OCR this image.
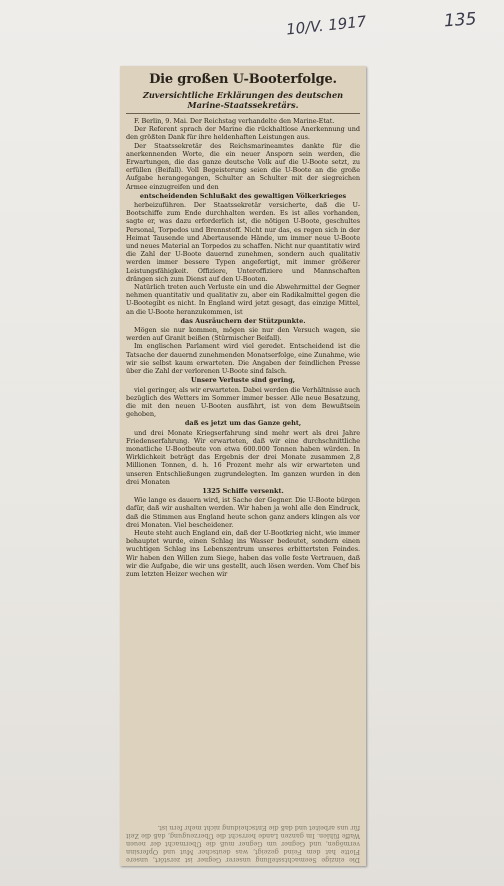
10/V. 1917	135
Die großen U-Booterfolge.
Zuversichtliche Erklärungen des deutschen Marine-Staatssekretärs.

F. Berlin, 9. Mai. Der Reichstag verhandelte den Marine-Etat.

Der Referent sprach der Marine die rückhaltlose Anerkennung und den größten Dank für ihre heldenhaften Leistungen aus.

Der Staatssekretär des Reichsmarineamtes dankte für die anerkennenden Worte, die ein neuer Ansporn sein werden, die Erwartungen, die das ganze deutsche Volk auf die U-Boote setzt, zu erfüllen (Beifall). Voll Begeisterung seien die U-Boote an die große Aufgabe herangegangen, Schulter an Schulter mit der siegreichen Armee einzugreifen und den

entscheidenden Schlußakt des gewaltigen Völkerkrieges

herbeizuführen. Der Staatssekretär versicherte, daß die U-Bootschiffe zum Ende durchhalten werden. Es ist alles vorhanden, sagte er, was dazu erforderlich ist, die nötigen U-Boote, geschultes Personal, Torpedos und Brennstoff. Nicht nur das, es regen sich in der Heimat Tausende und Abertausende Hände, um immer neue U-Boote und neues Material an Torpedos zu schaffen. Nicht nur quantitativ wird die Zahl der U-Boote dauernd zunehmen, sondern auch qualitativ werden immer bessere Typen angefertigt, mit immer größerer Leistungsfähigkeit. Offiziere, Unteroffiziere und Mannschaften drängen sich zum Dienst auf den U-Booten.

Natürlich treten auch Verluste ein und die Abwehrmittel der Gegner nehmen quantitativ und qualitativ zu, aber ein Radikalmittel gegen die U-Bootegibt es nicht. In England wird jetzt gesagt, das einzige Mittel, an die U-Boote heranzukommen, ist

das Ausräuchern der Stützpunkte.

Mögen sie nur kommen, mögen sie nur den Versuch wagen, sie werden auf Granit beißen (Stürmischer Beifall).

Im englischen Parlament wird viel geredet. Entscheidend ist die Tatsache der dauernd zunehmenden Monatserfolge, eine Zunahme, wie wir sie selbst kaum erwarteten. Die Angaben der feindlichen Presse über die Zahl der verlorenen U-Boote sind falsch.

Unsere Verluste sind gering,

viel geringer, als wir erwarteten. Dabei werden die Verhältnisse auch bezüglich des Wetters im Sommer immer besser. Alle neue Besatzung, die mit den neuen U-Booten ausfährt, ist von dem Bewußtsein gehoben,

daß es jetzt um das Ganze geht,

und drei Monate Kriegserfahrung sind mehr wert als drei Jahre Friedenserfahrung. Wir erwarteten, daß wir eine durchschnittliche monatliche U-Bootbeute von etwa 600.000 Tonnen haben würden. In Wirklichkeit beträgt das Ergebnis der drei Monate zusammen 2,8 Millionen Tonnen, d. h. 16 Prozent mehr als wir erwarteten und unseren Entschließungen zugrundelegten. Im ganzen wurden in den drei Monaten

1325 Schiffe versenkt.

Wie lange es dauern wird, ist Sache der Gegner. Die U-Boote bürgen dafür, daß wir aushalten werden. Wir haben ja wohl alle den Eindruck, daß die Stimmen aus England heute schon ganz anders klingen als vor drei Monaten. Viel bescheidener.

Heute steht auch England ein, daß der U-Bootkrieg nicht, wie immer behauptet wurde, einen Schlag ins Wasser bedeutet, sondern einen wuchtigen Schlag ins Lebenszentrum unseres erbittertsten Feindes. Wir haben den Willen zum Siege, haben das volle feste Vertrauen, daß wir die Aufgabe, die wir uns gestellt, auch lösen werden. Vom Chef bis zum letzten Heizer wechen wir

Die einzige Seemachtsstellung unserer Gegner ist zerstört, unsere Flotte hat dem Feind gezeigt, was deutscher Mut und Opfersinn vermögen, und Gegner um Gegner muß die Übermacht der neuen Waffe fühlen. Im ganzen Lande herrscht die Überzeugung, daß die Zeit für uns arbeitet und daß die Entscheidung nicht mehr fern ist.
